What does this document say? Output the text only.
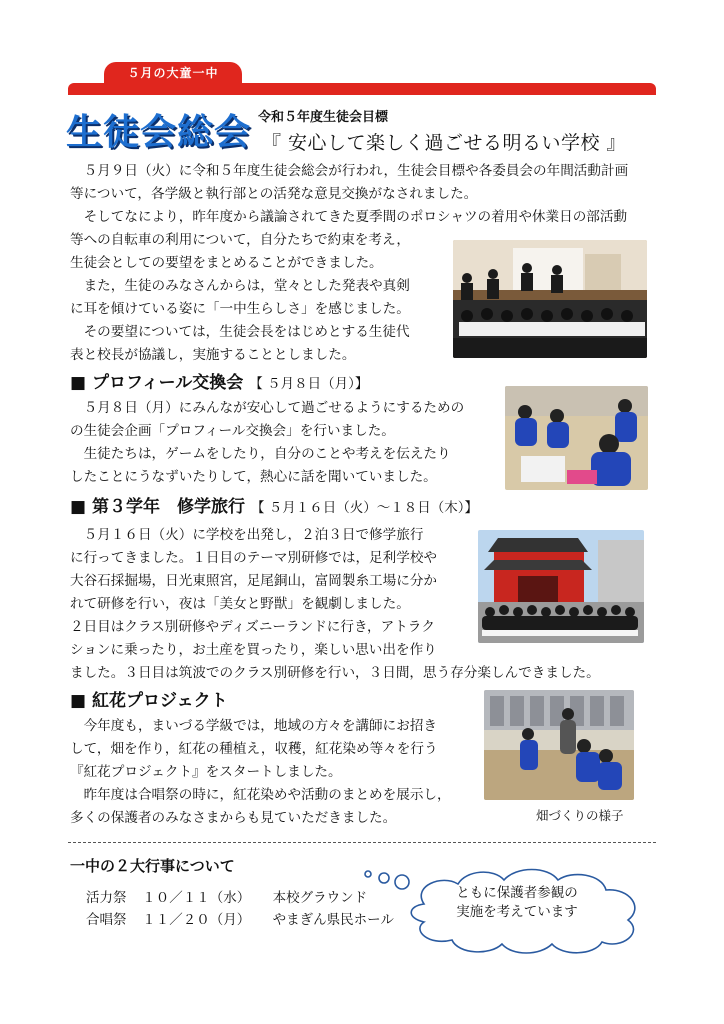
５月の大童一中
生徒会総会 令和５年度生徒会目標
『 安心して楽しく過ごせる明るい学校 』
　５月９日（火）に令和５年度生徒会総会が行われ，生徒会目標や各委員会の年間活動計画
等について，各学級と執行部との活発な意見交換がなされました。
　そしてなにより，昨年度から議論されてきた夏季間のポロシャツの着用や休業日の部活動
等への自転車の利用について，自分たちで約束を考え，
生徒会としての要望をまとめることができました。
　また，生徒のみなさんからは，堂々とした発表や真剣
に耳を傾けている姿に「一中生らしさ」を感じました。
　その要望については，生徒会長をはじめとする生徒代
表と校長が協議し，実施することとしました。
■ プロフィール交換会 【 ５月８日（月）】
　５月８日（月）にみんなが安心して過ごせるようにするための
の生徒会企画「プロフィール交換会」を行いました。
　生徒たちは，ゲームをしたり，自分のことや考えを伝えたり
したことにうなずいたりして，熱心に話を聞いていました。
■ 第３学年　修学旅行 【 ５月１６日（火）～１８日（木）】
　５月１６日（火）に学校を出発し，２泊３日で修学旅行
に行ってきました。１日目のテーマ別研修では，足利学校や
大谷石採掘場，日光東照宮，足尾銅山，富岡製糸工場に分か
れて研修を行い，夜は「美女と野獣」を観劇しました。
２日目はクラス別研修やディズニーランドに行き，アトラク
ションに乗ったり，お土産を買ったり，楽しい思い出を作り
ました。３日目は筑波でのクラス別研修を行い，３日間，思う存分楽しんできました。
■ 紅花プロジェクト
　今年度も，まいづる学級では，地域の方々を講師にお招き
して，畑を作り，紅花の種植え，収穫，紅花染め等々を行う
『紅花プロジェクト』をスタートしました。
　昨年度は合唱祭の時に，紅花染めや活動のまとめを展示し，
多くの保護者のみなさまからも見ていただきました。	畑づくりの様子
一中の２大行事について
活力祭 １０／１１（水） 本校グラウンド
合唱祭 １１／２０（月） やまぎん県民ホール
ともに保護者参観の
実施を考えています
